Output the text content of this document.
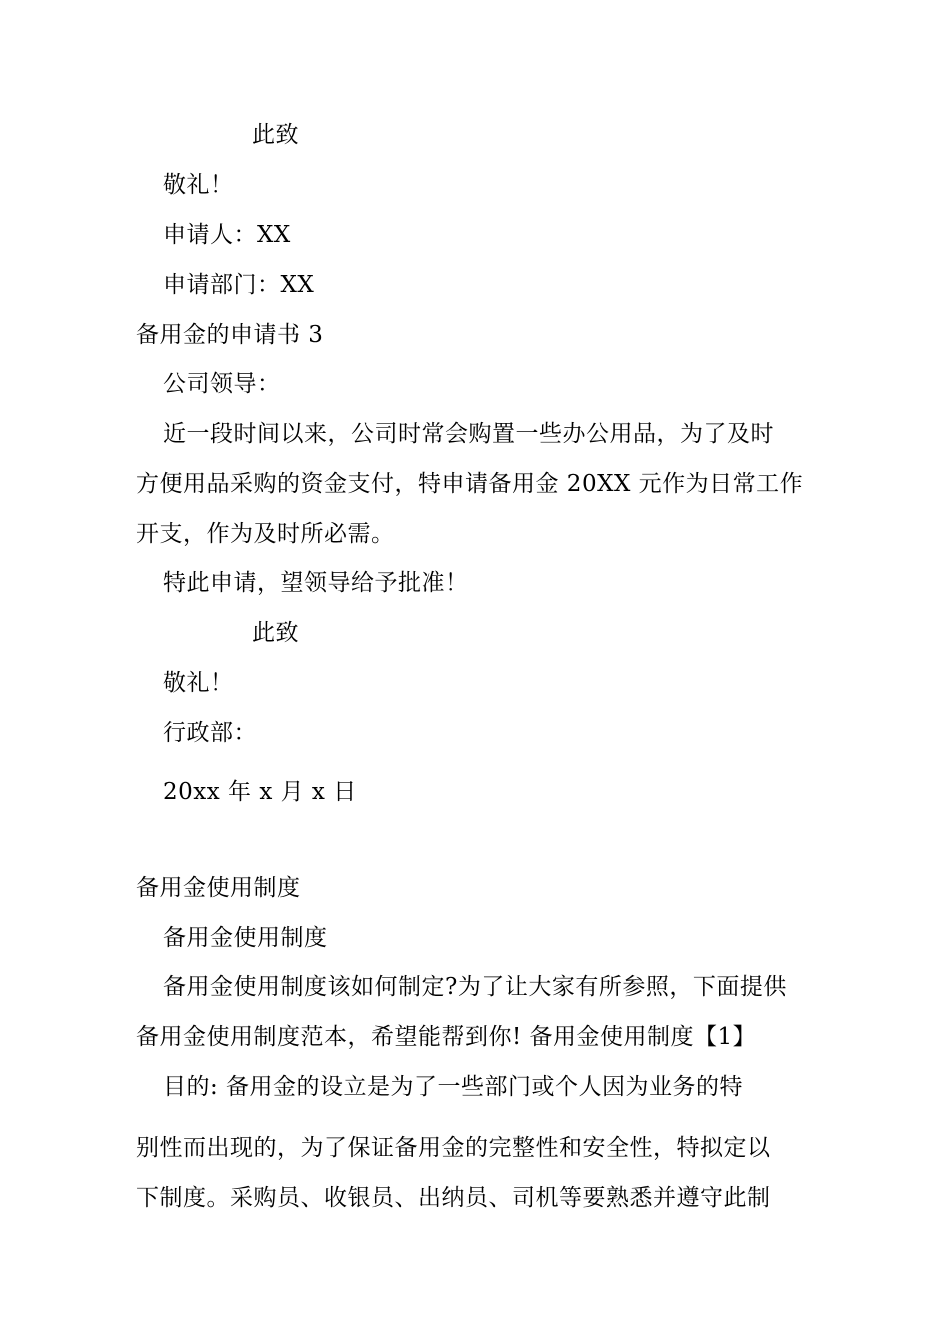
此致
敬礼！
申请人：XX
申请部门：XX
备用金的申请书 3
公司领导：
近一段时间以来，公司时常会购置一些办公用品，为了及时
方便用品采购的资金支付，特申请备用金 20XX 元作为日常工作
开支，作为及时所必需。
特此申请，望领导给予批准！
此致
敬礼！
行政部：
20xx 年 x 月 x 日
备用金使用制度
备用金使用制度
备用金使用制度该如何制定?为了让大家有所参照，下面提供
备用金使用制度范本，希望能帮到你! 备用金使用制度【1】
目的: 备用金的设立是为了一些部门或个人因为业务的特
别性而出现的，为了保证备用金的完整性和安全性，特拟定以
下制度。采购员、收银员、出纳员、司机等要熟悉并遵守此制
